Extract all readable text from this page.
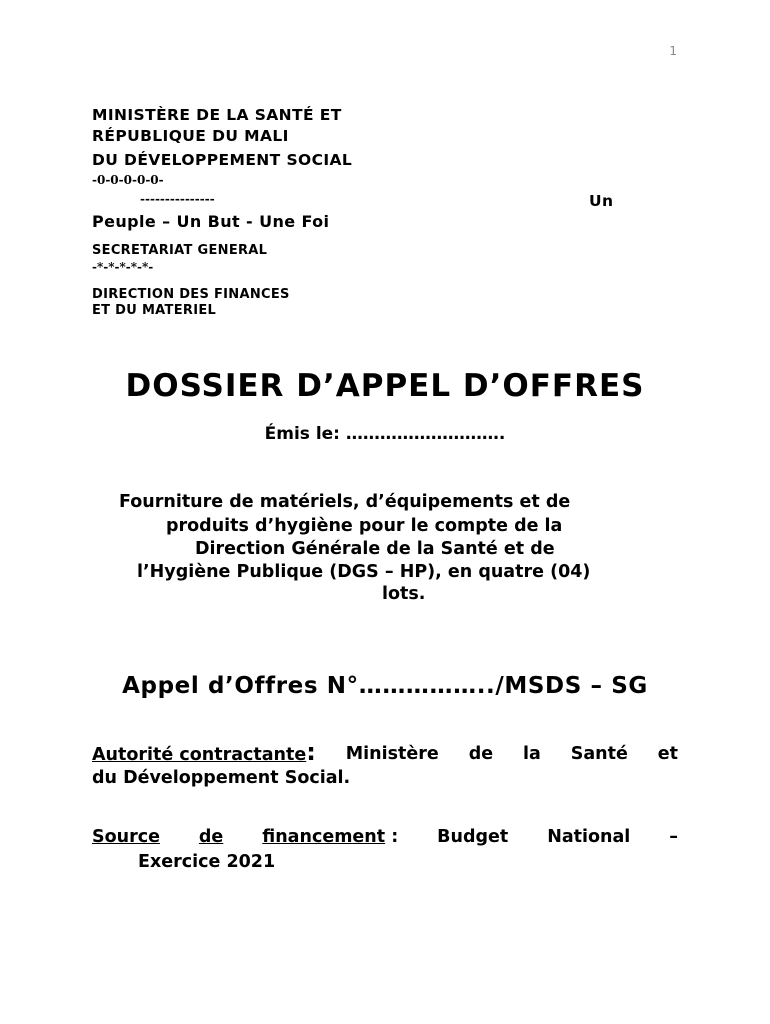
1
MINISTÈRE DE LA SANTÉ ET
RÉPUBLIQUE DU MALI
DU DÉVELOPPEMENT SOCIAL
-0-0-0-0-0-
---------------	Un
Peuple – Un But - Une Foi
SECRETARIAT GENERAL
-*-*-*-*-*-
DIRECTION DES FINANCES
ET DU MATERIEL
DOSSIER D’APPEL D’OFFRES
Émis le: ……………………….
Fourniture de matériels, d’équipements et de
produits d’hygiène pour le compte de la
Direction Générale de la Santé et de
l’Hygiène Publique (DGS – HP), en quatre (04)
lots.
Appel d’Offres N°……………../MSDS – SG
Autorité contractante: Ministère de la Santé et
du Développement Social.
Source de financement : Budget National –
Exercice 2021
